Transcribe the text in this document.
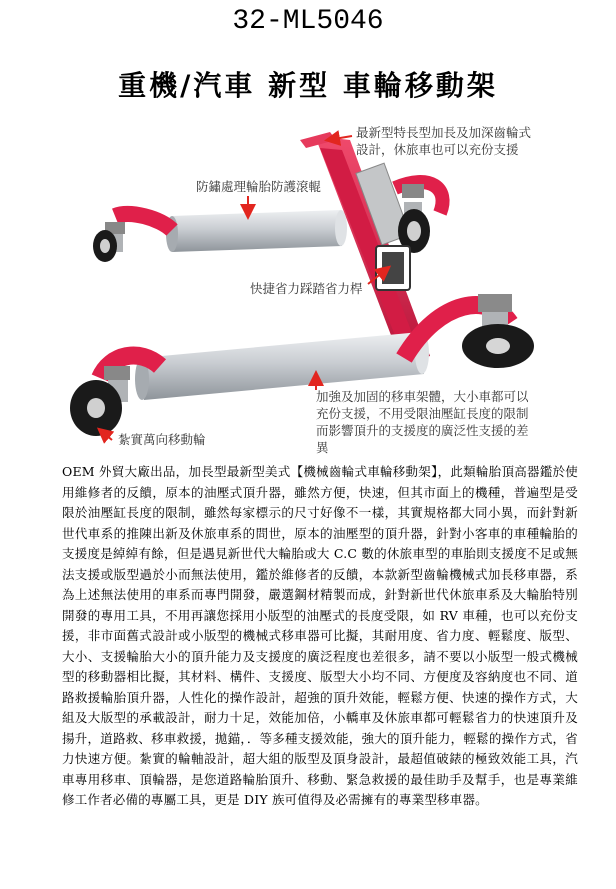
32-ML5046
重機/汽車 新型 車輪移動架
最新型特長型加長及加深齒輪式
設計，休旅車也可以充份支援
防鏽處理輪胎防護滾輥
快捷省力踩踏省力桿
加強及加固的移車架體，大小車都可以
充份支援，不用受限油壓缸長度的限制
而影響頂升的支援度的廣泛性支援的差
異
紮實萬向移動輪
OEM 外貿大廠出品，加長型最新型美式【機械齒輪式車輪移動架】，此類輪胎頂高器鑑於使用維修者的反饋，原本的油壓式頂升器，雖然方便，快速，但其市面上的機種，普遍型是受限於油壓缸長度的限制，雖然每家標示的尺寸好像不一樣，其實規格都大同小異，而針對新世代車系的推陳出新及休旅車系的問世，原本的油壓型的頂升器，針對小客車的車種輪胎的支援度是綽綽有餘，但是遇見新世代大輪胎或大 C.C 數的休旅車型的車胎則支援度不足或無法支援或版型過於小而無法使用，鑑於維修者的反饋，本款新型齒輪機械式加長移車器，系為上述無法使用的車系而專門開發，嚴選鋼材精製而成，針對新世代休旅車系及大輪胎特別開發的專用工具，不用再讓您採用小版型的油壓式的長度受限，如 RV 車種，也可以充份支援，非市面舊式設計或小版型的機械式移車器可比擬，其耐用度、省力度、輕鬆度、版型、大小、支援輪胎大小的頂升能力及支援度的廣泛程度也差很多，請不要以小版型一般式機械型的移動器相比擬，其材料、構件、支援度、版型大小均不同、方便度及容納度也不同、道路救援輪胎頂升器，人性化的操作設計，超強的頂升效能，輕鬆方便、快速的操作方式，大組及大版型的承載設計，耐力十足，效能加倍，小轎車及休旅車都可輕鬆省力的快速頂升及揚升，道路救、移車救援，拋錨，．等多種支援效能，強大的頂升能力，輕鬆的操作方式，省力快速方便。紮實的輪軸設計，超大組的版型及頂身設計，最超值破錶的極致效能工具，汽車專用移車、頂輪器，是您道路輪胎頂升、移動、緊急救援的最佳助手及幫手，也是專業維修工作者必備的專屬工具，更是 DIY 族可值得及必需擁有的專業型移車器。
